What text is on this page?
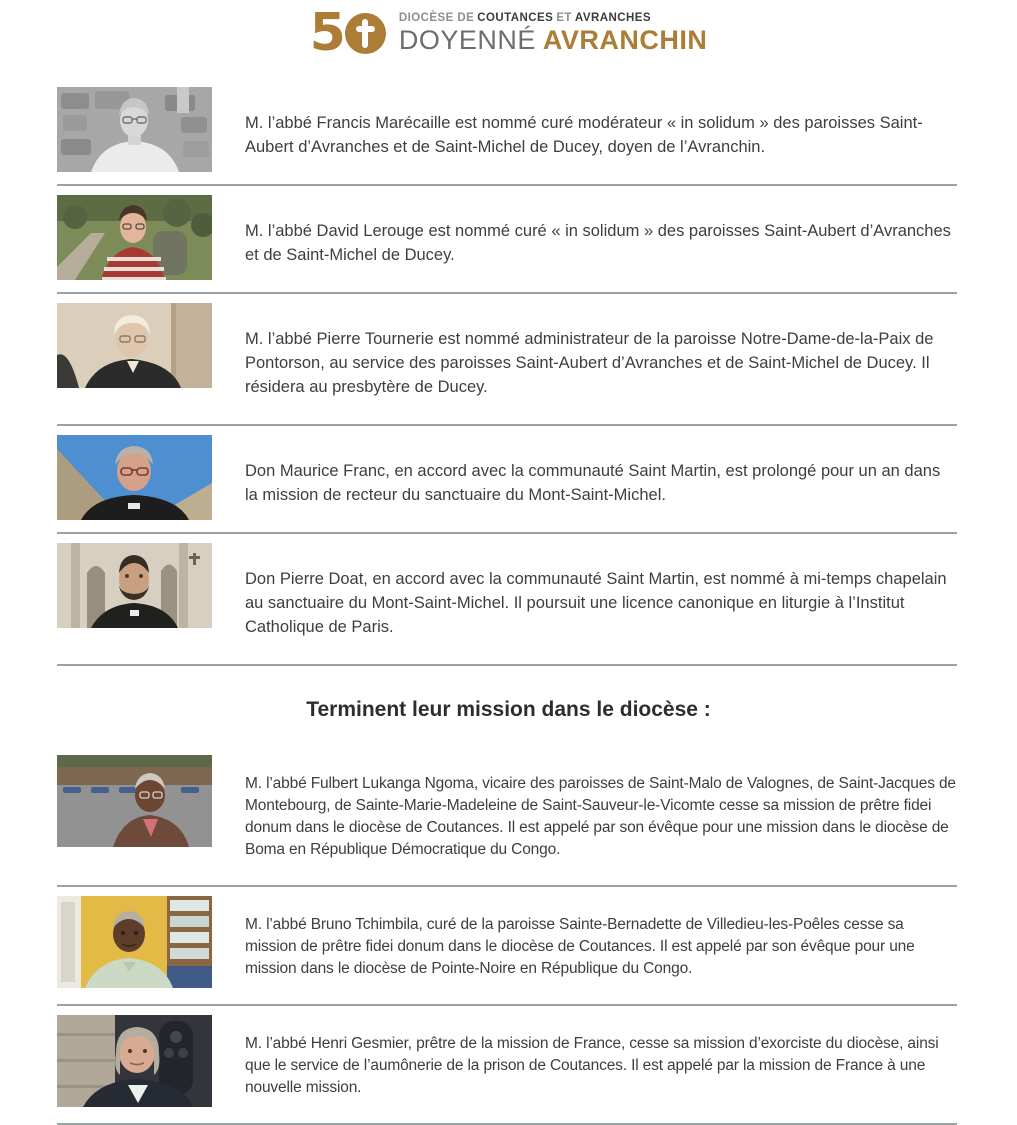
5	DIOCÈSE DE COUTANCES ET AVRANCHES
DOYENNÉ AVRANCHIN

M. l’abbé Francis Marécaille est nommé curé modérateur « in solidum » des paroisses Saint-Aubert d’Avranches et de Saint-Michel de Ducey, doyen de l’Avranchin.

M. l’abbé David Lerouge est nommé curé « in solidum » des paroisses Saint-Aubert d’Avranches et de Saint-Michel de Ducey.

M. l’abbé Pierre Tournerie est nommé administrateur de la paroisse Notre-Dame-de-la-Paix de Pontorson, au service des paroisses Saint-Aubert d’Avranches et de Saint-Michel de Ducey. Il résidera au presbytère de Ducey.

Don Maurice Franc, en accord avec la communauté Saint Martin, est prolongé pour un an dans la mission de recteur du sanctuaire du Mont-Saint-Michel.

Don Pierre Doat, en accord avec la communauté Saint Martin, est nommé à mi-temps chapelain au sanctuaire du Mont-Saint-Michel. Il poursuit une licence canonique en liturgie à l’Institut Catholique de Paris.

Terminent leur mission dans le diocèse :

M. l’abbé Fulbert Lukanga Ngoma, vicaire des paroisses de Saint-Malo de Valognes, de Saint-Jacques de Montebourg, de Sainte-Marie-Madeleine de Saint-Sauveur-le-Vicomte cesse sa mission de prêtre fidei donum dans le diocèse de Coutances. Il est appelé par son évêque pour une mission dans le diocèse de Boma en République Démocratique du Congo.

M. l’abbé Bruno Tchimbila, curé de la paroisse Sainte-Bernadette de Villedieu-les-Poêles cesse sa mission de prêtre fidei donum dans le diocèse de Coutances. Il est appelé par son évêque pour une mission dans le diocèse de Pointe-Noire en République du Congo.

M. l’abbé Henri Gesmier, prêtre de la mission de France, cesse sa mission d’exorciste du diocèse, ainsi que le service de l’aumônerie de la prison de Coutances. Il est appelé par la mission de France à une nouvelle mission.
